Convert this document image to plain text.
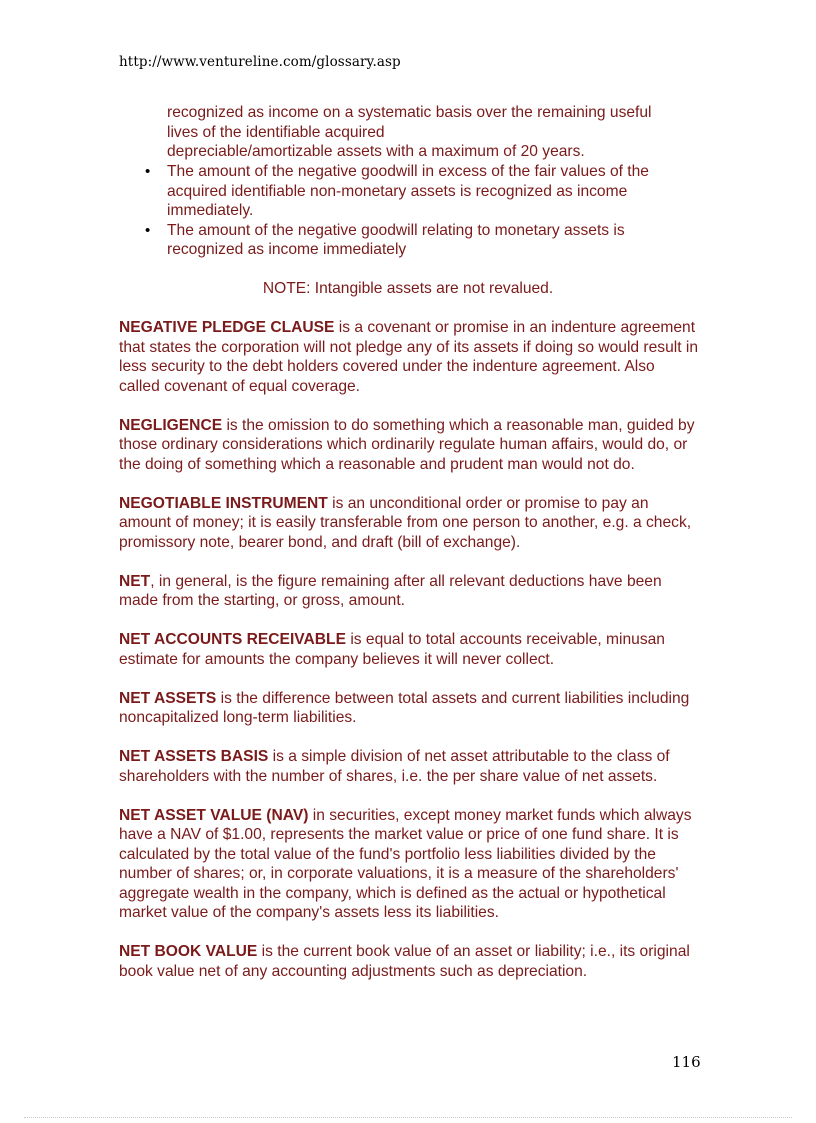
http://www.ventureline.com/glossary.asp

recognized as income on a systematic basis over the remaining useful
lives of the identifiable acquired
depreciable/amortizable assets with a maximum of 20 years.

• The amount of the negative goodwill in excess of the fair values of the acquired identifiable non-monetary assets is recognized as income immediately.
• The amount of the negative goodwill relating to monetary assets is recognized as income immediately

NOTE: Intangible assets are not revalued.

NEGATIVE PLEDGE CLAUSE is a covenant or promise in an indenture agreement that states the corporation will not pledge any of its assets if doing so would result in less security to the debt holders covered under the indenture agreement. Also called covenant of equal coverage.

NEGLIGENCE is the omission to do something which a reasonable man, guided by those ordinary considerations which ordinarily regulate human affairs, would do, or the doing of something which a reasonable and prudent man would not do.

NEGOTIABLE INSTRUMENT is an unconditional order or promise to pay an amount of money; it is easily transferable from one person to another, e.g. a check, promissory note, bearer bond, and draft (bill of exchange).

NET, in general, is the figure remaining after all relevant deductions have been made from the starting, or gross, amount.

NET ACCOUNTS RECEIVABLE is equal to total accounts receivable, minusan estimate for amounts the company believes it will never collect.

NET ASSETS is the difference between total assets and current liabilities including noncapitalized long-term liabilities.

NET ASSETS BASIS is a simple division of net asset attributable to the class of shareholders with the number of shares, i.e. the per share value of net assets.

NET ASSET VALUE (NAV) in securities, except money market funds which always have a NAV of $1.00, represents the market value or price of one fund share. It is calculated by the total value of the fund's portfolio less liabilities divided by the number of shares; or, in corporate valuations, it is a measure of the shareholders' aggregate wealth in the company, which is defined as the actual or hypothetical market value of the company's assets less its liabilities.

NET BOOK VALUE is the current book value of an asset or liability; i.e., its original book value net of any accounting adjustments such as depreciation.

116
